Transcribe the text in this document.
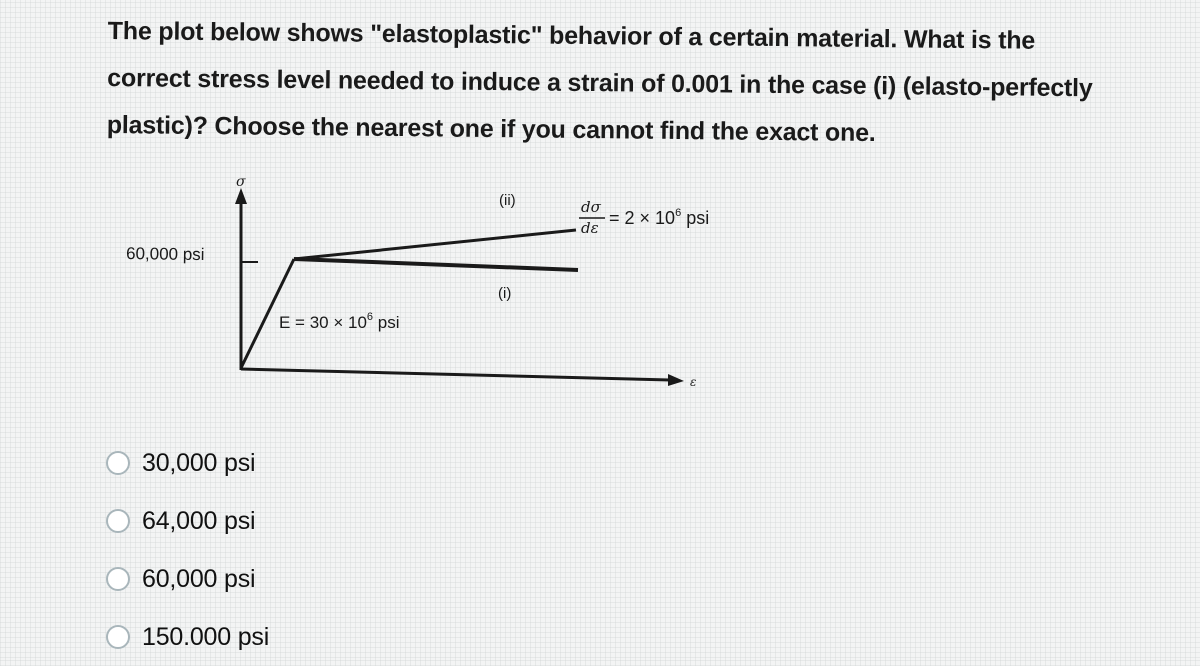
The plot below shows "elastoplastic" behavior of a certain material. What is the
correct stress level needed to induce a strain of 0.001 in the case (i) (elasto-perfectly
plastic)? Choose the nearest one if you cannot find the exact one.
σ
ε
60,000 psi
$E = 30 \times 10^6$ psi
(ii)
(i)
dσ
$d\varepsilon = 2 \times 10^6$ psi
30,000 psi
64,000 psi
60,000 psi
150.000 psi
